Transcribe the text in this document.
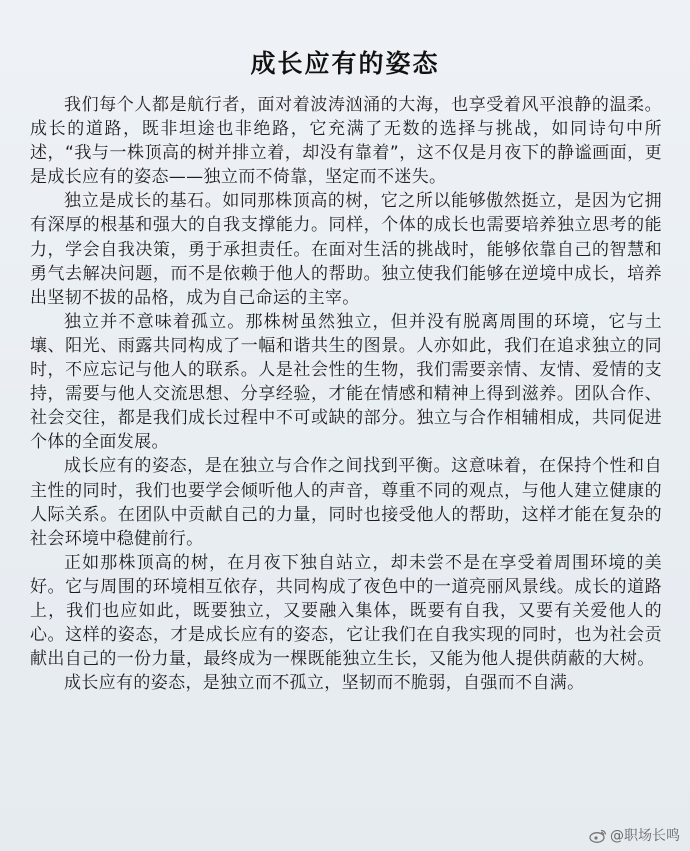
成长应有的姿态

我们每个人都是航行者，面对着波涛汹涌的大海，也享受着风平浪静的温柔。成长的道路，既非坦途也非绝路，它充满了无数的选择与挑战，如同诗句中所述，“我与一株顶高的树并排立着，却没有靠着”，这不仅是月夜下的静谧画面，更是成长应有的姿态——独立而不倚靠，坚定而不迷失。

独立是成长的基石。如同那株顶高的树，它之所以能够傲然挺立，是因为它拥有深厚的根基和强大的自我支撑能力。同样，个体的成长也需要培养独立思考的能力，学会自我决策，勇于承担责任。在面对生活的挑战时，能够依靠自己的智慧和勇气去解决问题，而不是依赖于他人的帮助。独立使我们能够在逆境中成长，培养出坚韧不拔的品格，成为自己命运的主宰。

独立并不意味着孤立。那株树虽然独立，但并没有脱离周围的环境，它与土壤、阳光、雨露共同构成了一幅和谐共生的图景。人亦如此，我们在追求独立的同时，不应忘记与他人的联系。人是社会性的生物，我们需要亲情、友情、爱情的支持，需要与他人交流思想、分享经验，才能在情感和精神上得到滋养。团队合作、社会交往，都是我们成长过程中不可或缺的部分。独立与合作相辅相成，共同促进个体的全面发展。

成长应有的姿态，是在独立与合作之间找到平衡。这意味着，在保持个性和自主性的同时，我们也要学会倾听他人的声音，尊重不同的观点，与他人建立健康的人际关系。在团队中贡献自己的力量，同时也接受他人的帮助，这样才能在复杂的社会环境中稳健前行。

正如那株顶高的树，在月夜下独自站立，却未尝不是在享受着周围环境的美好。它与周围的环境相互依存，共同构成了夜色中的一道亮丽风景线。成长的道路上，我们也应如此，既要独立，又要融入集体，既要有自我，又要有关爱他人的心。这样的姿态，才是成长应有的姿态，它让我们在自我实现的同时，也为社会贡献出自己的一份力量，最终成为一棵既能独立生长，又能为他人提供荫蔽的大树。

成长应有的姿态，是独立而不孤立，坚韧而不脆弱，自强而不自满。

@职场长鸣
